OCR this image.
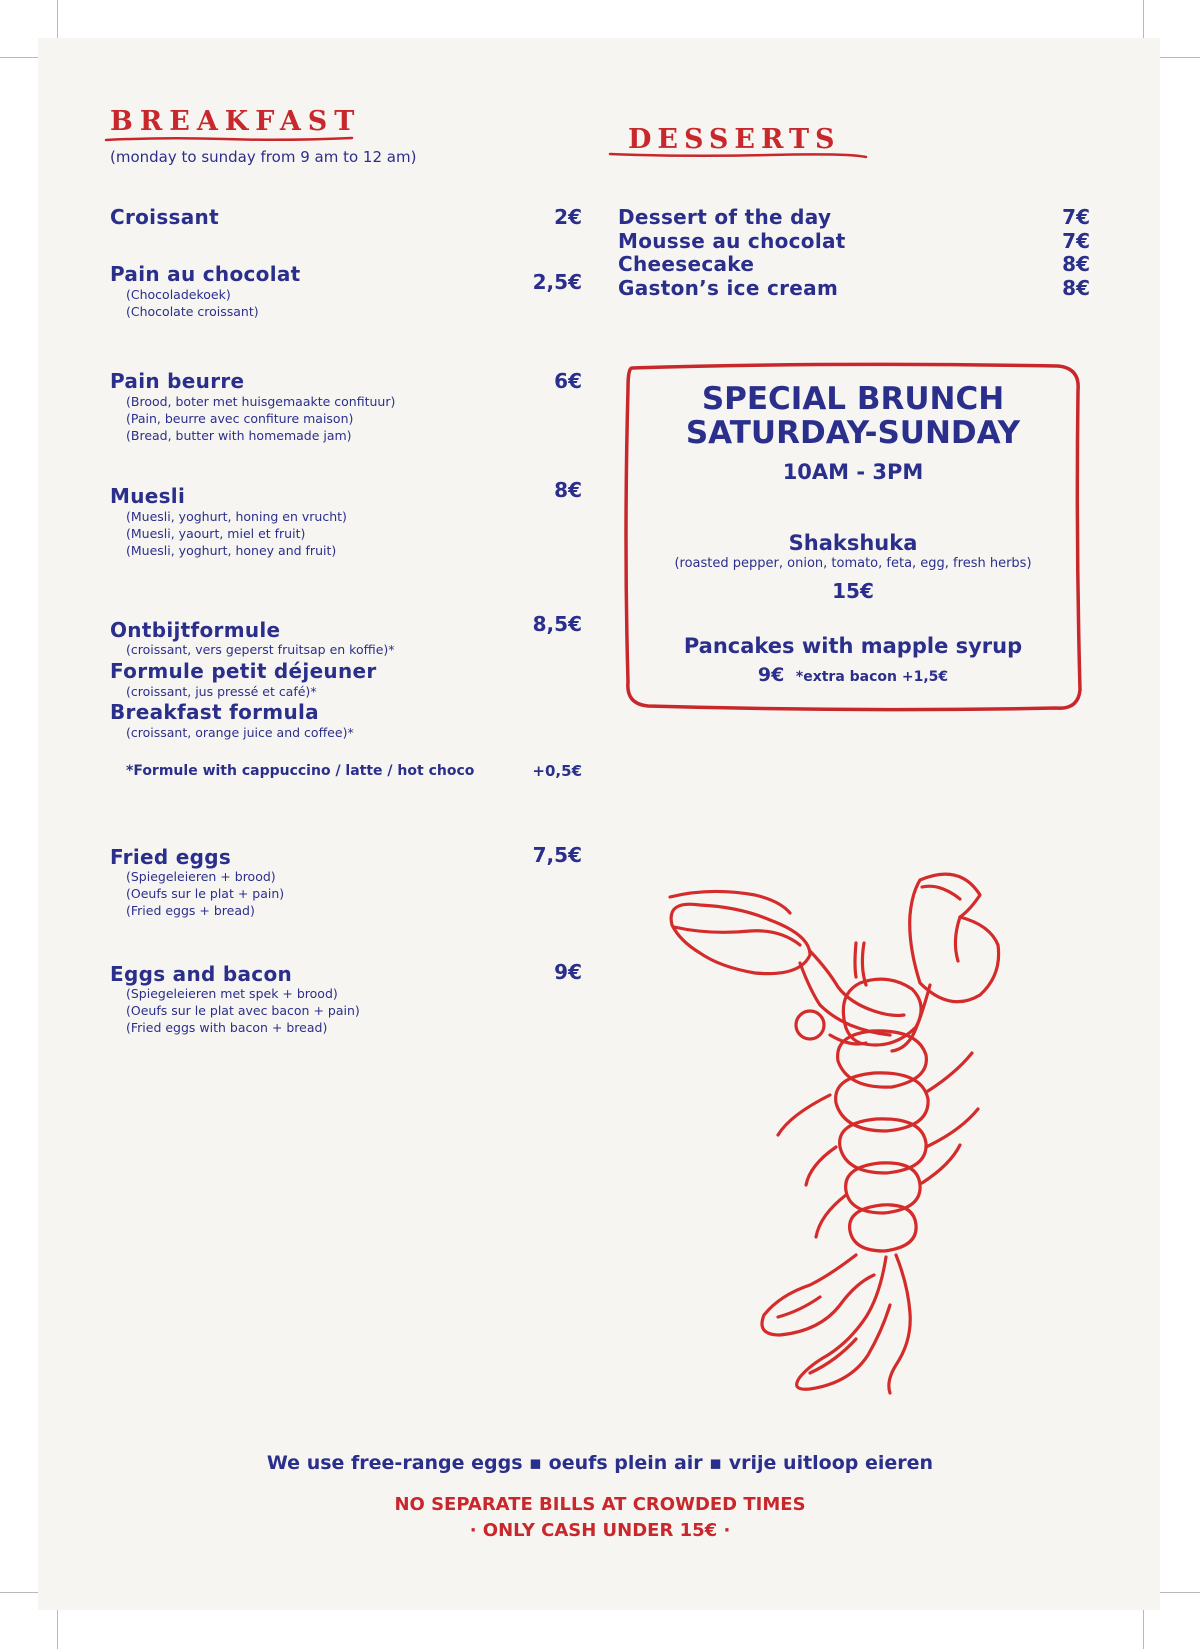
BREAKFAST
(monday to sunday from 9 am to 12 am)
Croissant	2€
Pain au chocolat	2,5€
(Chocoladekoek)
(Chocolate croissant)
Pain beurre	6€
(Brood, boter met huisgemaakte confituur)
(Pain, beurre avec confiture maison)
(Bread, butter with homemade jam)
Muesli	8€
(Muesli, yoghurt, honing en vrucht)
(Muesli, yaourt, miel et fruit)
(Muesli, yoghurt, honey and fruit)
Ontbijtformule	8,5€
(croissant, vers geperst fruitsap en koffie)*
Formule petit déjeuner
(croissant, jus pressé et café)*
Breakfast formula
(croissant, orange juice and coffee)*
*Formule with cappuccino / latte / hot choco	+0,5€
Fried eggs	7,5€
(Spiegeleieren + brood)
(Oeufs sur le plat + pain)
(Fried eggs + bread)
Eggs and bacon	9€
(Spiegeleieren met spek + brood)
(Oeufs sur le plat avec bacon + pain)
(Fried eggs with bacon + bread)
DESSERTS
Dessert of the day	7€
Mousse au chocolat	7€
Cheesecake	8€
Gaston’s ice cream	8€
SPECIAL BRUNCH
SATURDAY-SUNDAY
10AM - 3PM
Shakshuka
(roasted pepper, onion, tomato, feta, egg, fresh herbs)
15€
Pancakes with mapple syrup
9€ *extra bacon +1,5€
We use free-range eggs ▪ oeufs plein air ▪ vrije uitloop eieren
NO SEPARATE BILLS AT CROWDED TIMES
· ONLY CASH UNDER 15€ ·
